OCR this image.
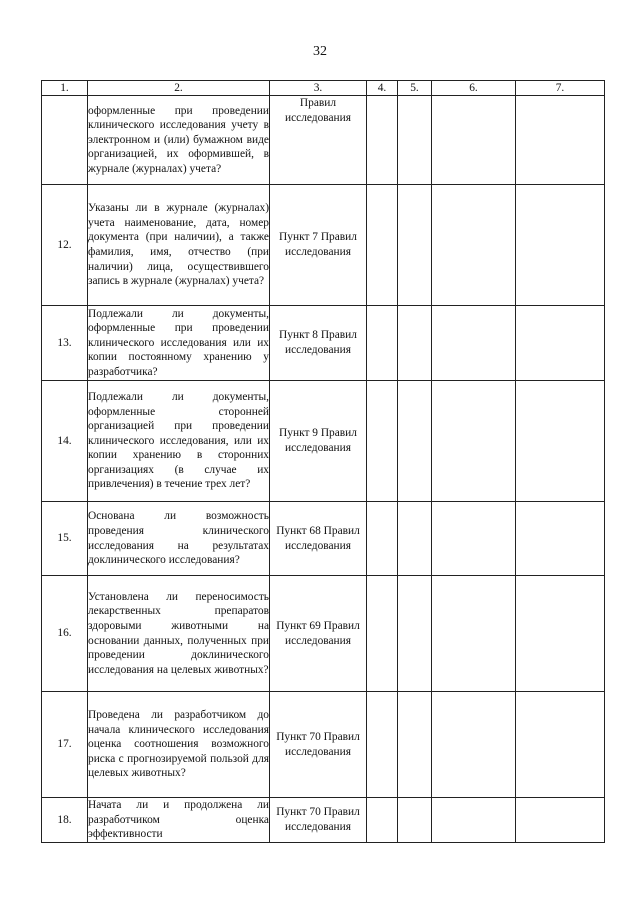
32
1.	2.	3.	4.	5.	6.	7.
	оформленные при проведении клинического исследования учету в электронном и (или) бумажном виде организацией, их оформившей, в журнале (журналах) учета?	Правил исследования				
12.	Указаны ли в журнале (журналах) учета наименование, дата, номер документа (при наличии), а также фамилия, имя, отчество (при наличии) лица, осуществившего запись в журнале (журналах) учета?	Пункт 7 Правил исследования				
13.	Подлежали ли документы, оформленные при проведении клинического исследования или их копии постоянному хранению у разработчика?	Пункт 8 Правил исследования				
14.	Подлежали ли документы, оформленные сторонней организацией при проведении клинического исследования, или их копии хранению в сторонних организациях (в случае их привлечения) в течение трех лет?	Пункт 9 Правил исследования				
15.	Основана ли возможность проведения клинического исследования на результатах доклинического исследования?	Пункт 68 Правил исследования				
16.	Установлена ли переносимость лекарственных препаратов здоровыми животными на основании данных, полученных при проведении доклинического исследования на целевых животных?	Пункт 69 Правил исследования				
17.	Проведена ли разработчиком до начала клинического исследования оценка соотношения возможного риска с прогнозируемой пользой для целевых животных?	Пункт 70 Правил исследования				
18.	Начата ли и продолжена ли разработчиком оценка эффективности	Пункт 70 Правил исследования				
